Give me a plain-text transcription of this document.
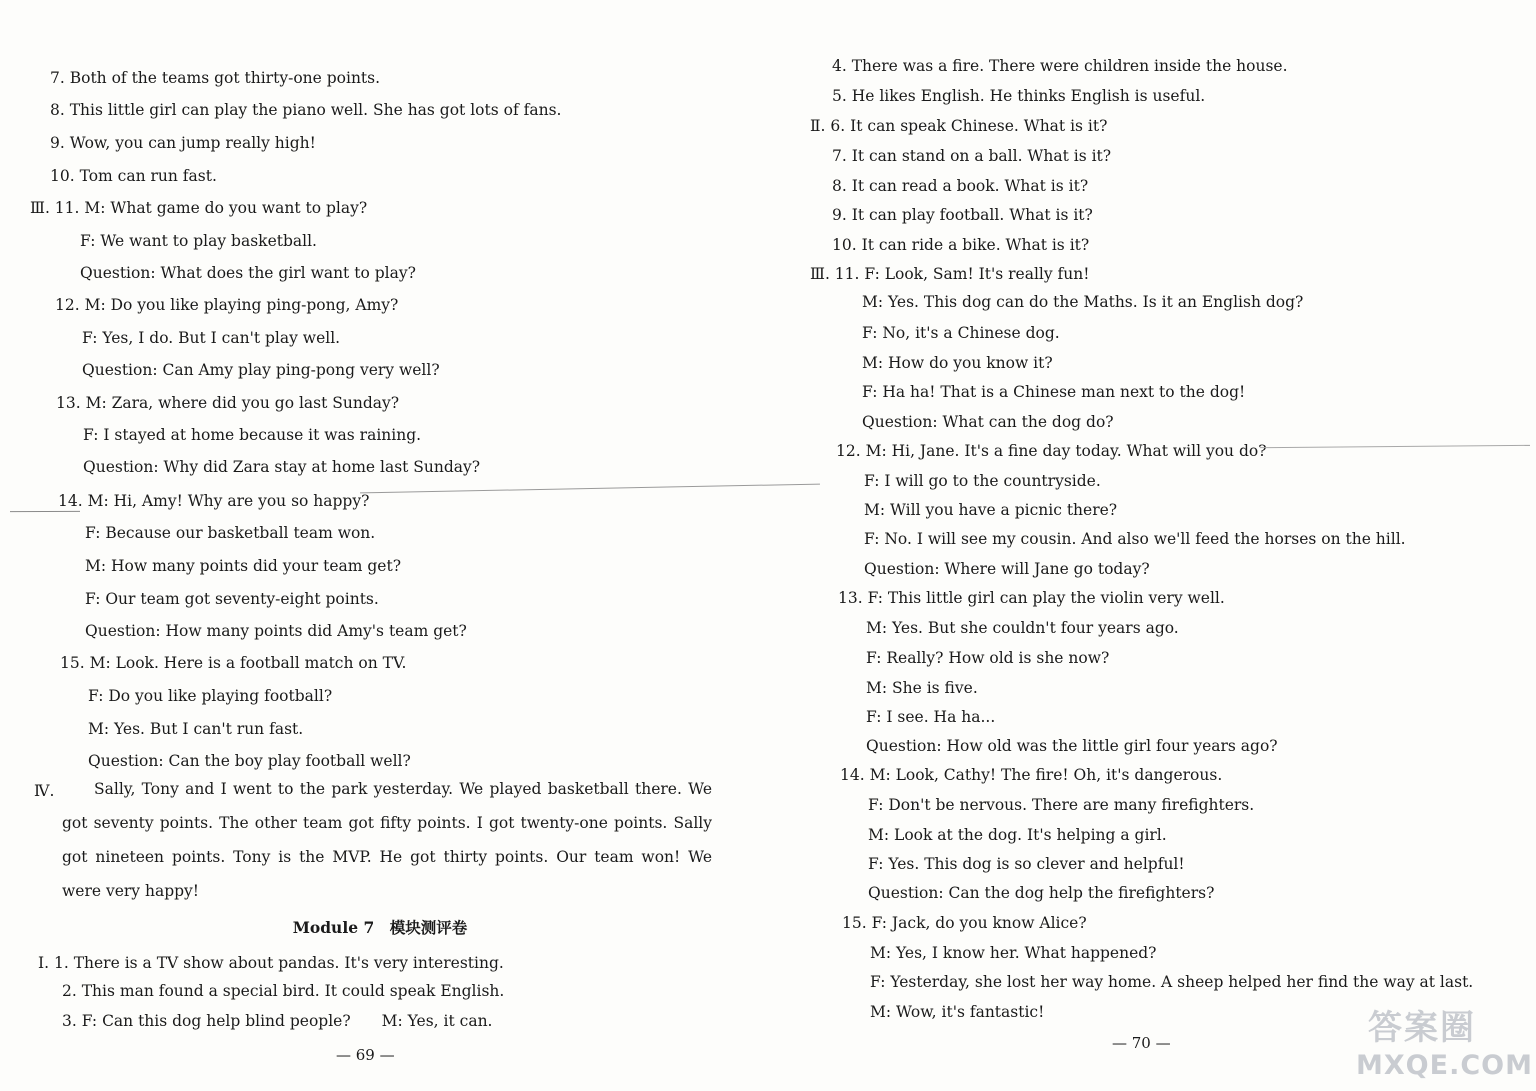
7. Both of the teams got thirty-one points.
8. This little girl can play the piano well. She has got lots of fans.
9. Wow, you can jump really high!
10. Tom can run fast.
Ⅲ. 11. M: What game do you want to play?
F: We want to play basketball.
Question: What does the girl want to play?
12. M: Do you like playing ping-pong, Amy?
F: Yes, I do. But I can't play well.
Question: Can Amy play ping-pong very well?
13. M: Zara, where did you go last Sunday?
F: I stayed at home because it was raining.
Question: Why did Zara stay at home last Sunday?
14. M: Hi, Amy! Why are you so happy?
F: Because our basketball team won.
M: How many points did your team get?
F: Our team got seventy-eight points.
Question: How many points did Amy's team get?
15. M: Look. Here is a football match on TV.
F: Do you like playing football?
M: Yes. But I can't run fast.
Question: Can the boy play football well?
Ⅳ.	Sally, Tony and I went to the park yesterday. We played basketball there. We got seventy points. The other team got fifty points. I got twenty-one points. Sally got nineteen points. Tony is the MVP. He got thirty points. Our team won! We were very happy!
Module 7　模块测评卷
Ⅰ. 1. There is a TV show about pandas. It's very interesting.
2. This man found a special bird. It could speak English.
3. F: Can this dog help blind people?　　M: Yes, it can.
— 69 —
4. There was a fire. There were children inside the house.
5. He likes English. He thinks English is useful.
Ⅱ. 6. It can speak Chinese. What is it?
7. It can stand on a ball. What is it?
8. It can read a book. What is it?
9. It can play football. What is it?
10. It can ride a bike. What is it?
Ⅲ. 11. F: Look, Sam! It's really fun!
M: Yes. This dog can do the Maths. Is it an English dog?
F: No, it's a Chinese dog.
M: How do you know it?
F: Ha ha! That is a Chinese man next to the dog!
Question: What can the dog do?
12. M: Hi, Jane. It's a fine day today. What will you do?
F: I will go to the countryside.
M: Will you have a picnic there?
F: No. I will see my cousin. And also we'll feed the horses on the hill.
Question: Where will Jane go today?
13. F: This little girl can play the violin very well.
M: Yes. But she couldn't four years ago.
F: Really? How old is she now?
M: She is five.
F: I see. Ha ha...
Question: How old was the little girl four years ago?
14. M: Look, Cathy! The fire! Oh, it's dangerous.
F: Don't be nervous. There are many firefighters.
M: Look at the dog. It's helping a girl.
F: Yes. This dog is so clever and helpful!
Question: Can the dog help the firefighters?
15. F: Jack, do you know Alice?
M: Yes, I know her. What happened?
F: Yesterday, she lost her way home. A sheep helped her find the way at last.
M: Wow, it's fantastic!
— 70 —	答案圈
MXQE.COM
